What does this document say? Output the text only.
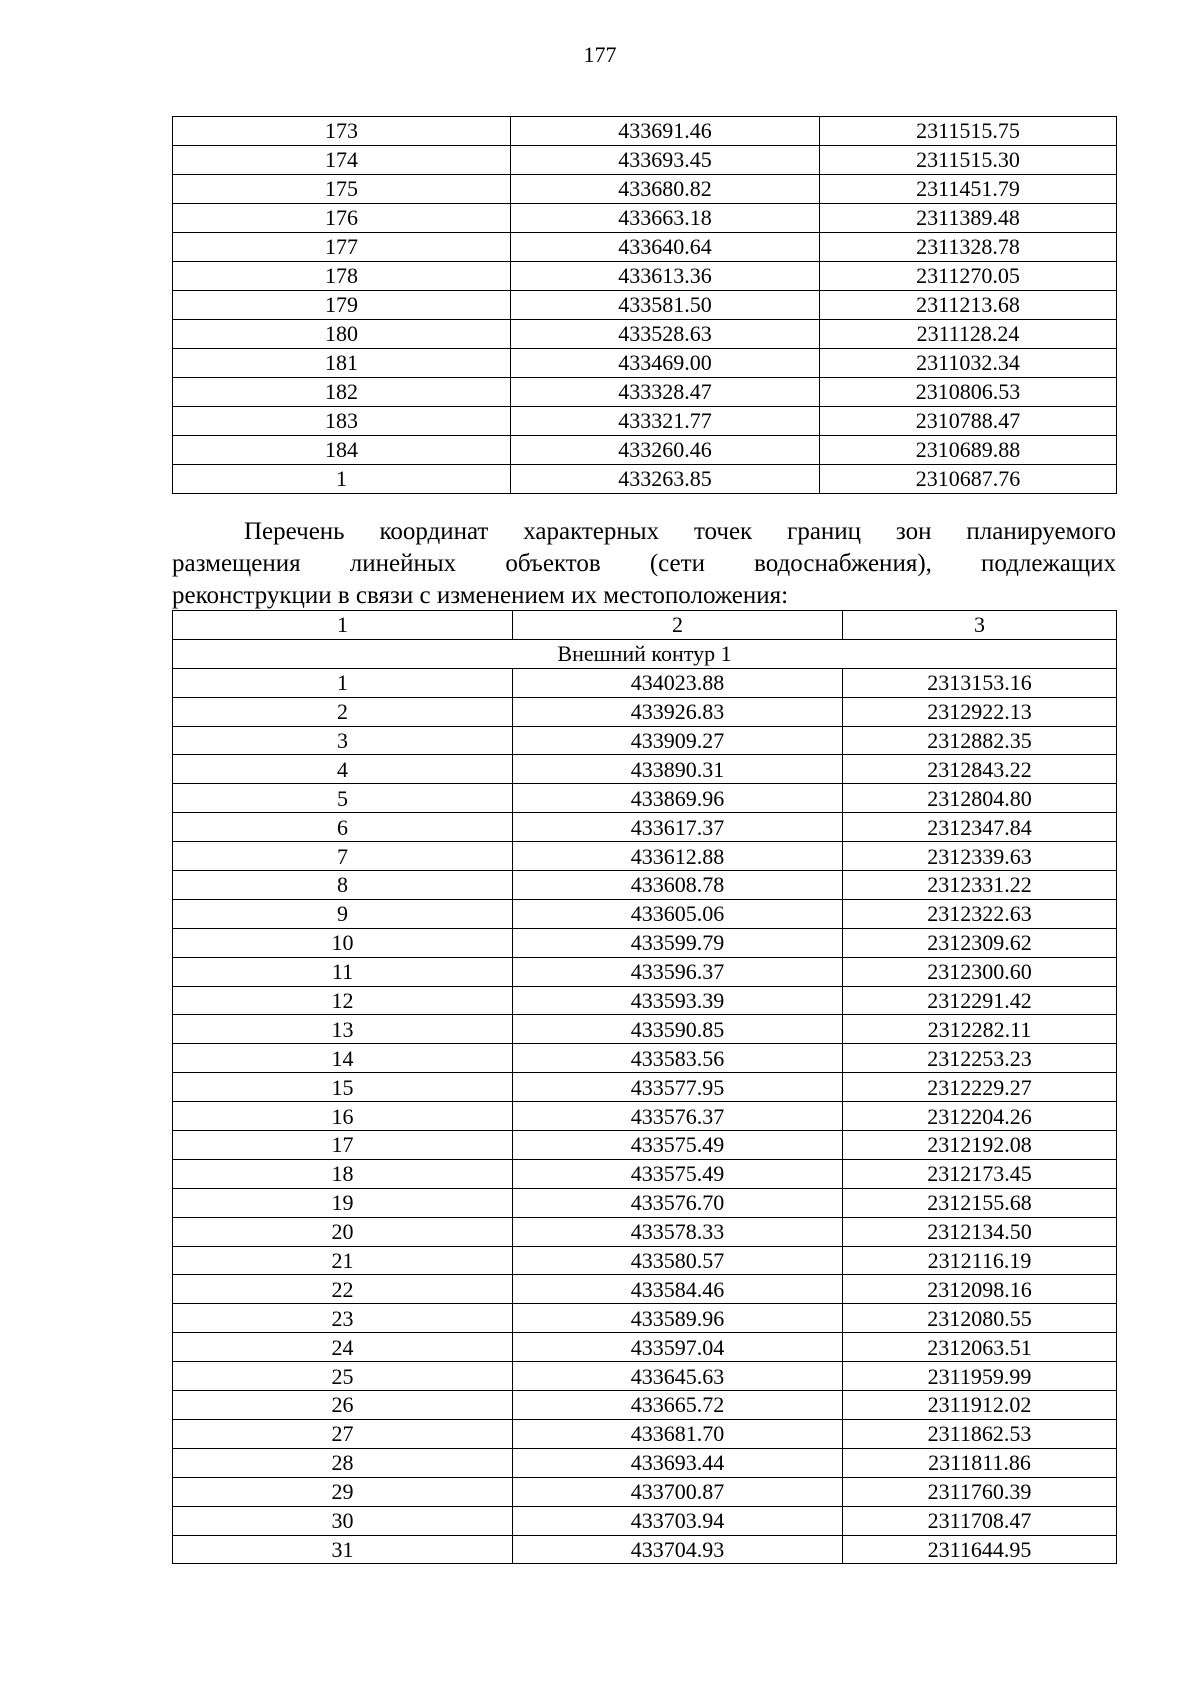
177
173	433691.46	2311515.75
174	433693.45	2311515.30
175	433680.82	2311451.79
176	433663.18	2311389.48
177	433640.64	2311328.78
178	433613.36	2311270.05
179	433581.50	2311213.68
180	433528.63	2311128.24
181	433469.00	2311032.34
182	433328.47	2310806.53
183	433321.77	2310788.47
184	433260.46	2310689.88
1	433263.85	2310687.76
Перечень координат характерных точек границ зон планируемого
размещения линейных объектов (сети водоснабжения), подлежащих
реконструкции в связи с изменением их местоположения:
1	2	3
Внешний контур 1		
1	434023.88	2313153.16
2	433926.83	2312922.13
3	433909.27	2312882.35
4	433890.31	2312843.22
5	433869.96	2312804.80
6	433617.37	2312347.84
7	433612.88	2312339.63
8	433608.78	2312331.22
9	433605.06	2312322.63
10	433599.79	2312309.62
11	433596.37	2312300.60
12	433593.39	2312291.42
13	433590.85	2312282.11
14	433583.56	2312253.23
15	433577.95	2312229.27
16	433576.37	2312204.26
17	433575.49	2312192.08
18	433575.49	2312173.45
19	433576.70	2312155.68
20	433578.33	2312134.50
21	433580.57	2312116.19
22	433584.46	2312098.16
23	433589.96	2312080.55
24	433597.04	2312063.51
25	433645.63	2311959.99
26	433665.72	2311912.02
27	433681.70	2311862.53
28	433693.44	2311811.86
29	433700.87	2311760.39
30	433703.94	2311708.47
31	433704.93	2311644.95
